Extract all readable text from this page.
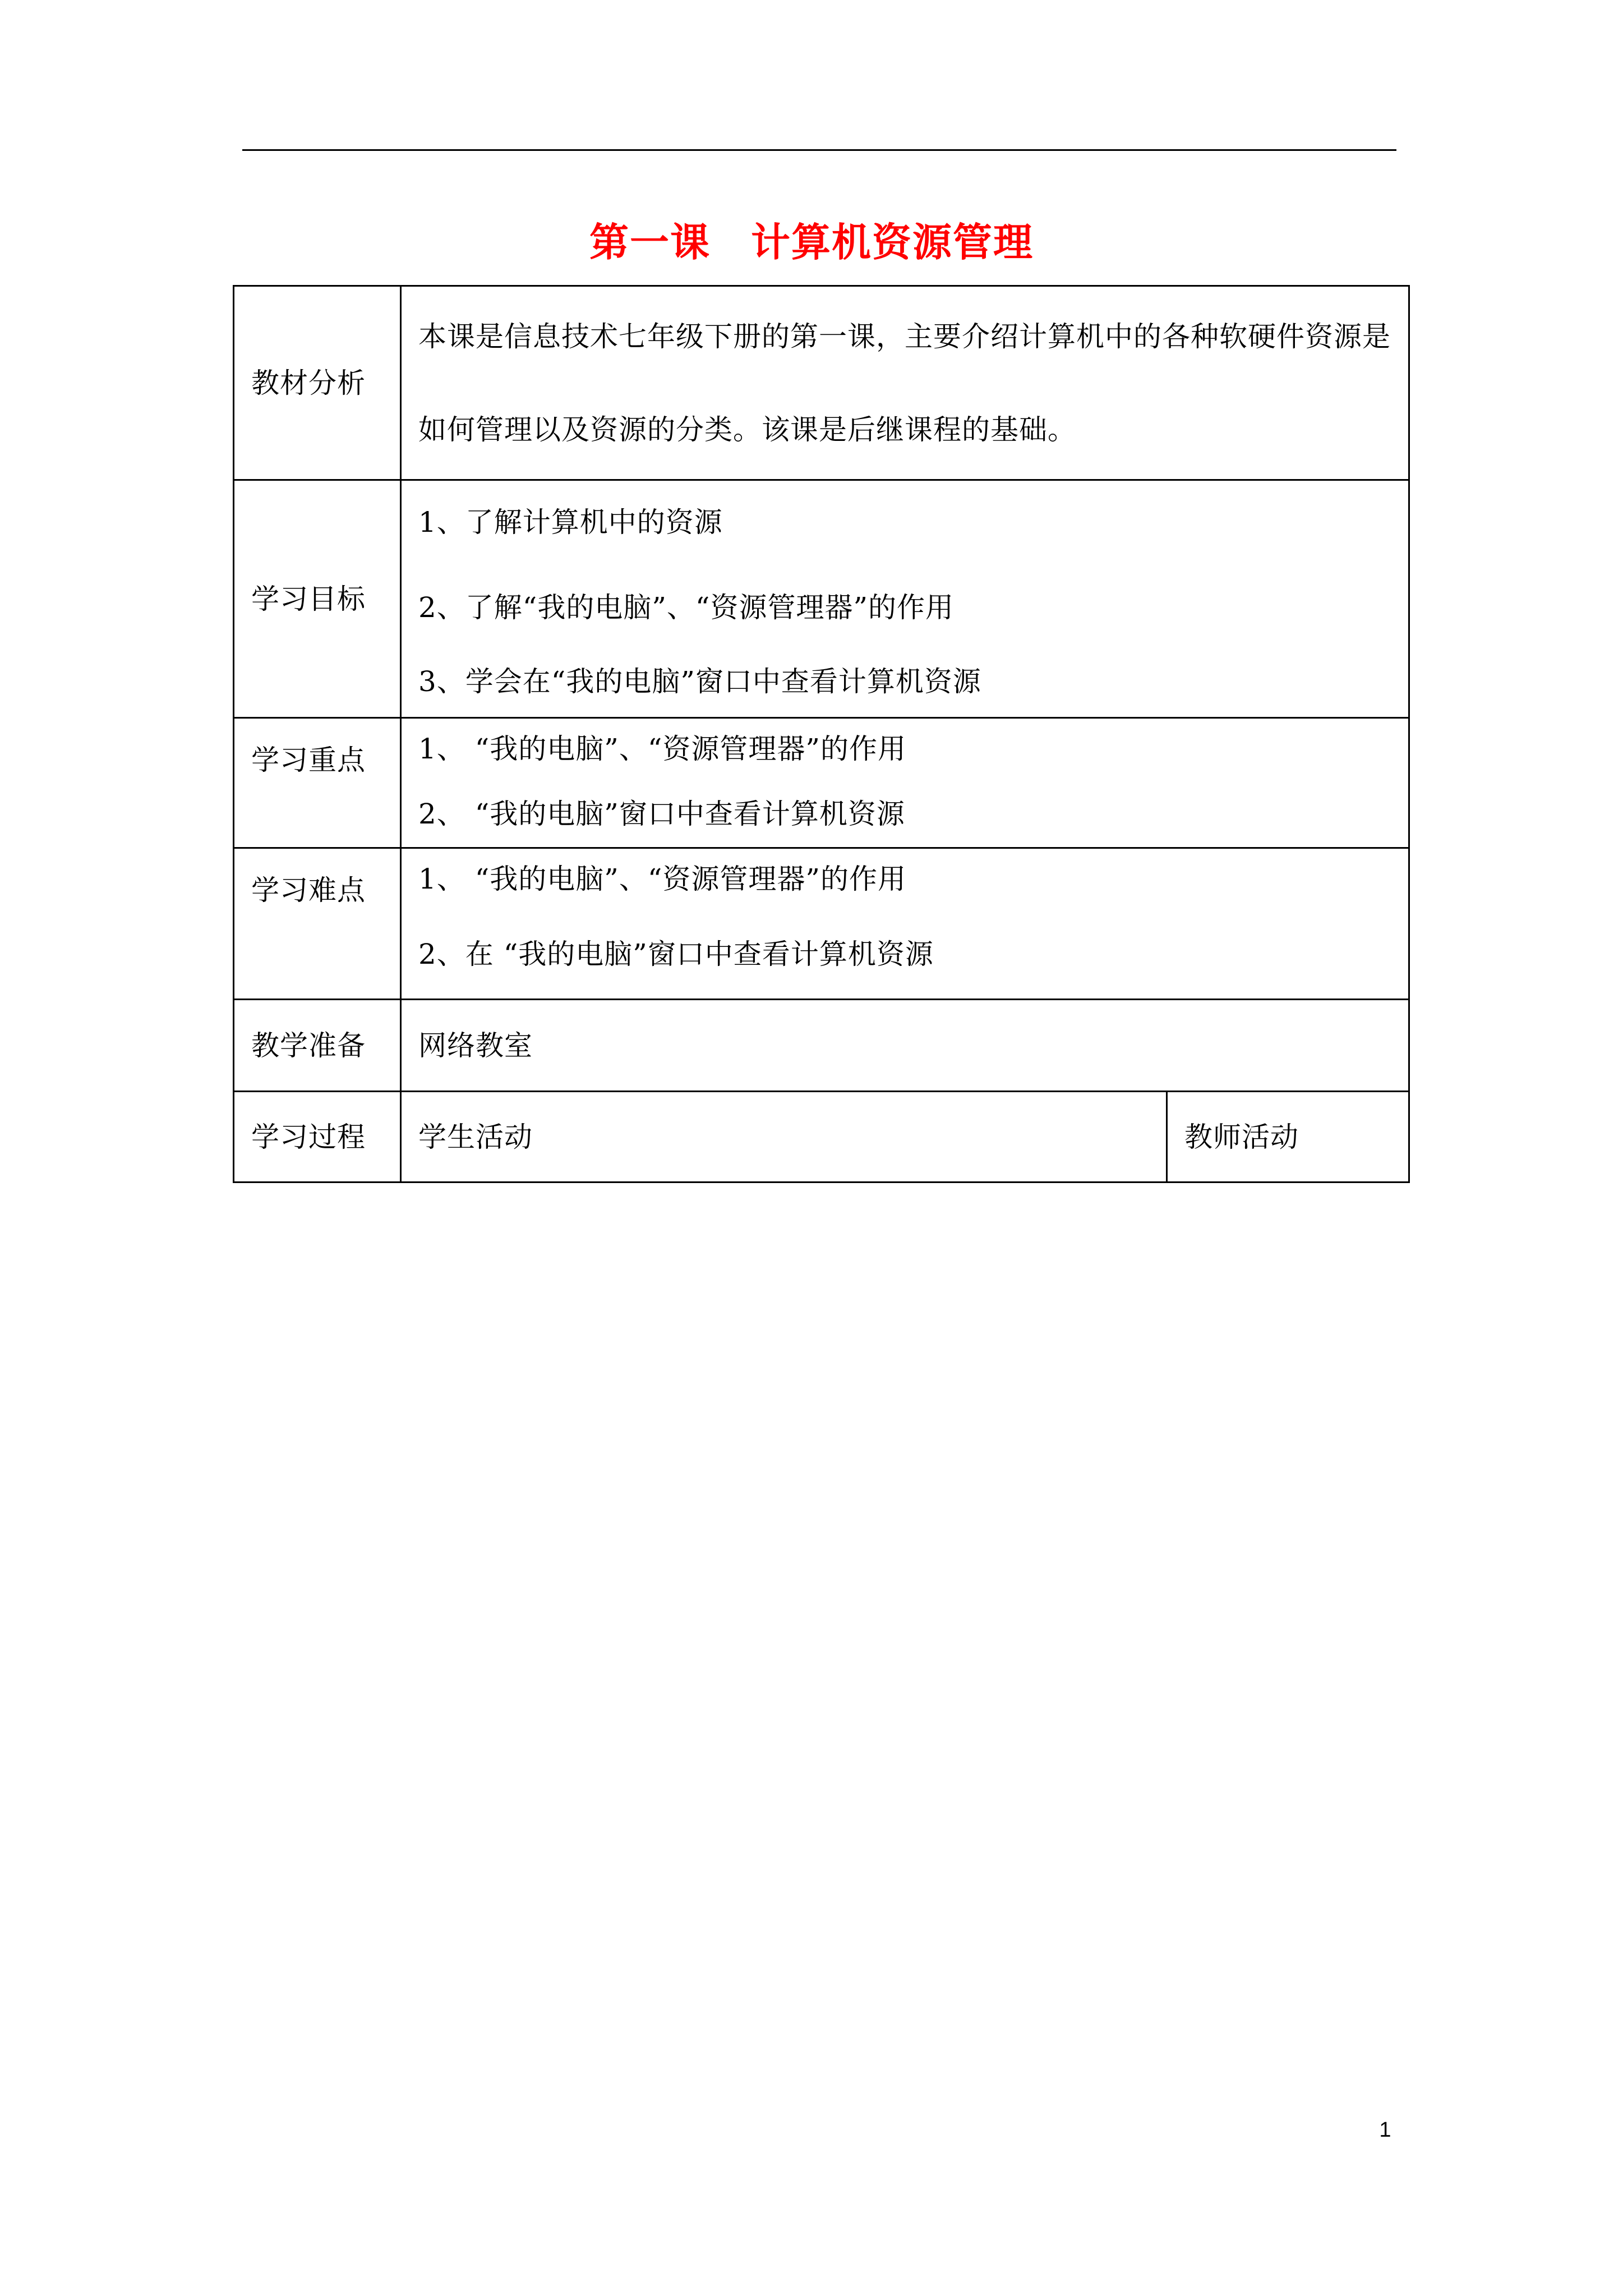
第一课　计算机资源管理
教材分析	本课是信息技术七年级下册的第一课，主要介绍计算机中的各种软硬件资源是如何管理以及资源的分类。该课是后继课程的基础。	

学习目标	1、了解计算机中的资源
2、了解“我的电脑”、“资源管理器”的作用
3、学会在“我的电脑”窗口中查看计算机资源	

学习重点	1、 “我的电脑”、“资源管理器”的作用
2、 “我的电脑”窗口中查看计算机资源	

学习难点	1、 “我的电脑”、“资源管理器”的作用
2、在 “我的电脑”窗口中查看计算机资源	

教学准备	网络教室	
学习过程	学生活动	教师活动
1
